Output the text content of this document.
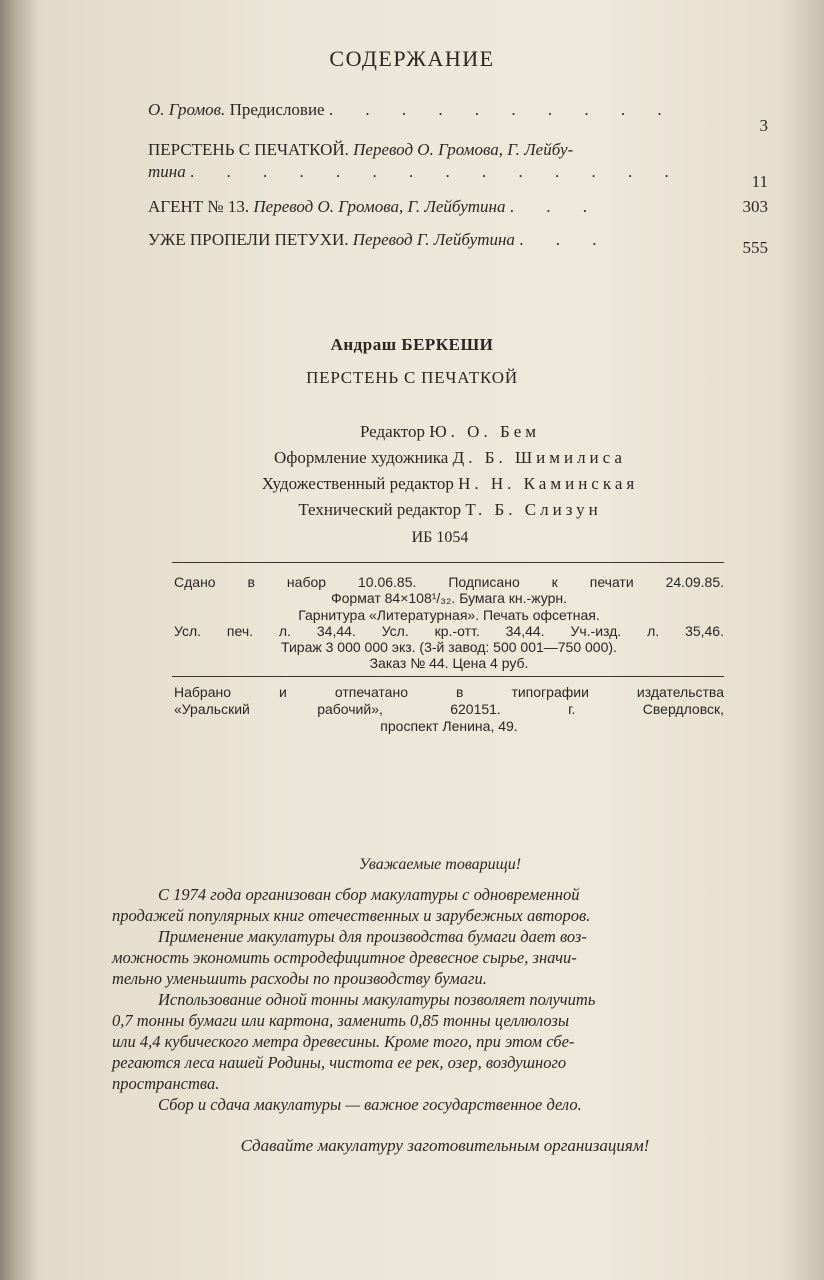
СОДЕРЖАНИЕ
О. Громов. Предисловие . . . . . . . . . .
3
ПЕРСТЕНЬ С ПЕЧАТКОЙ. Перевод О. Громова, Г. Лейбу-
тина . . . . . . . . . . . . . .
11
АГЕНТ № 13. Перевод О. Громова, Г. Лейбутина . . .	303
УЖЕ ПРОПЕЛИ ПЕТУХИ. Перевод Г. Лейбутина . . .	555
Андраш БЕРКЕШИ
ПЕРСТЕНЬ С ПЕЧАТКОЙ
Редактор Ю. О. Бем
Оформление художника Д. Б. Шимилиса
Художественный редактор Н. Н. Каминская
Технический редактор Т. Б. Слизун
ИБ 1054
Сдано в набор 10.06.85. Подписано к печати 24.09.85.
Формат 84×108¹/₃₂. Бумага кн.-журн.
Гарнитура «Литературная». Печать офсетная.
Усл. печ. л. 34,44. Усл. кр.-отт. 34,44. Уч.-изд. л. 35,46.
Тираж 3 000 000 экз. (3-й завод: 500 001—750 000).
Заказ № 44. Цена 4 руб.
Набрано и отпечатано в типографии издательства
«Уральский рабочий», 620151. г. Свердловск,
проспект Ленина, 49.
Уважаемые товарищи!

С 1974 года организован сбор макулатуры с одновременной

продажей популярных книг отечественных и зарубежных авторов.

Применение макулатуры для производства бумаги дает воз-

можность экономить остродефицитное древесное сырье, значи-

тельно уменьшить расходы по производству бумаги.

Использование одной тонны макулатуры позволяет получить

0,7 тонны бумаги или картона, заменить 0,85 тонны целлюлозы

или 4,4 кубического метра древесины. Кроме того, при этом сбе-

регаются леса нашей Родины, чистота ее рек, озер, воздушного

пространства.

Сбор и сдача макулатуры — важное государственное дело.

Сдавайте макулатуру заготовительным организациям!
